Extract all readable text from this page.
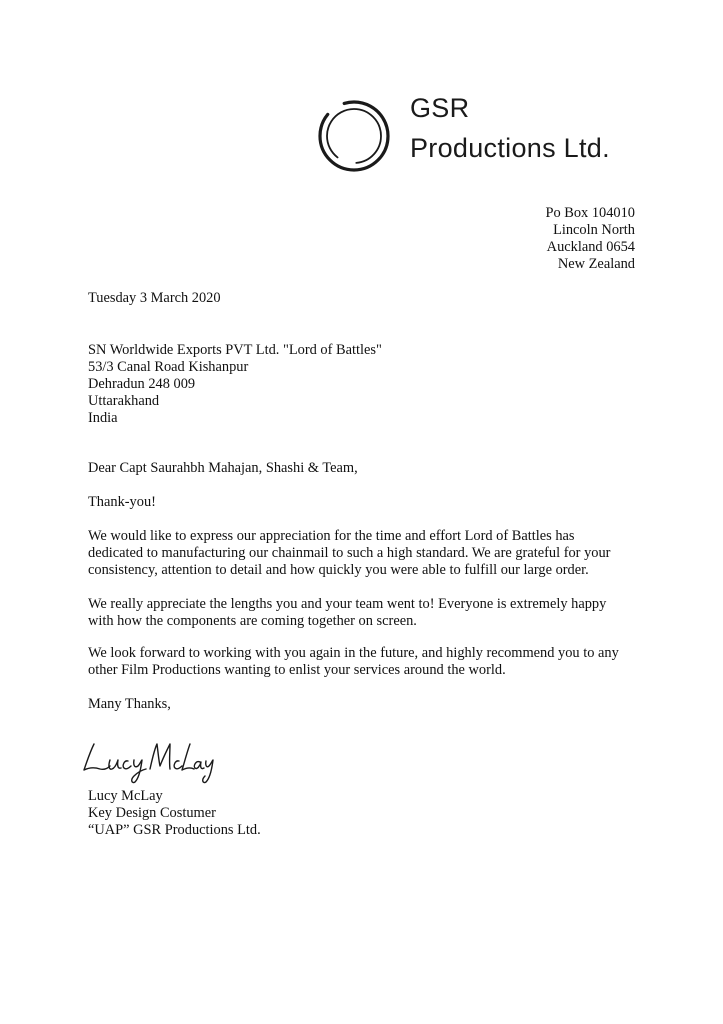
GSR
Productions Ltd.
Po Box 104010
Lincoln North
Auckland 0654
New Zealand
Tuesday 3 March 2020
SN Worldwide Exports PVT Ltd. "Lord of Battles"
53/3 Canal Road Kishanpur
Dehradun 248 009
Uttarakhand
India
Dear Capt Saurahbh Mahajan, Shashi & Team,
Thank-you!
We would like to express our appreciation for the time and effort Lord of Battles has
dedicated to manufacturing our chainmail to such a high standard. We are grateful for your
consistency, attention to detail and how quickly you were able to fulfill our large order.
We really appreciate the lengths you and your team went to! Everyone is extremely happy
with how the components are coming together on screen.
We look forward to working with you again in the future, and highly recommend you to any
other Film Productions wanting to enlist your services around the world.
Many Thanks,
Lucy McLay
Key Design Costumer
“UAP” GSR Productions Ltd.
